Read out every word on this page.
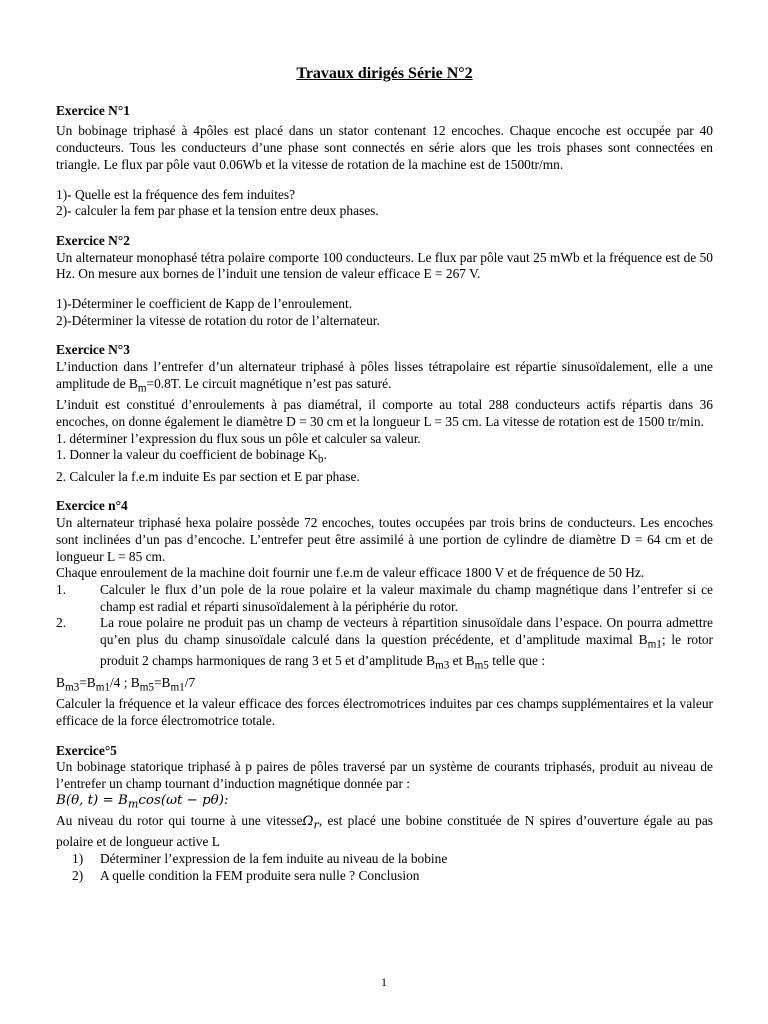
Travaux dirigés Série N°2

Exercice N°1

Un bobinage triphasé à 4pôles est placé dans un stator contenant 12 encoches. Chaque encoche est occupée par 40 conducteurs. Tous les conducteurs d’une phase sont connectés en série alors que les trois phases sont connectées en triangle. Le flux par pôle vaut 0.06Wb et la vitesse de rotation de la machine est de 1500tr/mn.

1)- Quelle est la fréquence des fem induites?

2)- calculer la fem par phase et la tension entre deux phases.

Exercice N°2

Un alternateur monophasé tétra polaire comporte 100 conducteurs. Le flux par pôle vaut 25 mWb et la fréquence est de 50 Hz. On mesure aux bornes de l’induit une tension de valeur efficace E = 267 V.

1)-Déterminer le coefficient de Kapp de l’enroulement.

2)-Déterminer la vitesse de rotation du rotor de l’alternateur.

Exercice N°3

L’induction dans l’entrefer d’un alternateur triphasé à pôles lisses tétrapolaire est répartie sinusoïdalement, elle a une amplitude de $B_m=0.8T$. Le circuit magnétique n’est pas saturé.

L’induit est constitué d’enroulements à pas diamétral, il comporte au total 288 conducteurs actifs répartis dans 36 encoches, on donne également le diamètre D = 30 cm et la longueur L = 35 cm. La vitesse de rotation est de 1500 tr/min.

1. déterminer l’expression du flux sous un pôle et calculer sa valeur.

1. Donner la valeur du coefficient de bobinage $K_b$.

2. Calculer la f.e.m induite Es par section et E par phase.

Exercice n°4

Un alternateur triphasé hexa polaire possède 72 encoches, toutes occupées par trois brins de conducteurs. Les encoches sont inclinées d’un pas d’encoche. L’entrefer peut être assimilé à une portion de cylindre de diamètre D = 64 cm et de longueur L = 85 cm.

Chaque enroulement de la machine doit fournir une f.e.m de valeur efficace 1800 V et de fréquence de 50 Hz.

1.	Calculer le flux d’un pole de la roue polaire et la valeur maximale du champ magnétique dans l’entrefer si ce champ est radial et réparti sinusoïdalement à la périphérie du rotor.

2.	La roue polaire ne produit pas un champ de vecteurs à répartition sinusoïdale dans l’espace. On pourra admettre qu’en plus du champ sinusoïdale calculé dans la question précédente, et d’amplitude maximal $B_{m1}$; le rotor produit 2 champs harmoniques de rang 3 et 5 et d’amplitude $B_{m3}$ et $B_{m5}$ telle que :

$B_{m3}=B_{m1}/4$ ; $B_{m5}=B_{m1}/7$

Calculer la fréquence et la valeur efficace des forces électromotrices induites par ces champs supplémentaires et la valeur efficace de la force électromotrice totale.

Exercice°5

Un bobinage statorique triphasé à p paires de pôles traversé par un système de courants triphasés, produit au niveau de l’entrefer un champ tournant d’induction magnétique donnée par :

B(θ, $t) = B_m\cos(\omega t - p\theta)$:

Au niveau du rotor qui tourne à une vitesseΩ$_r$, est placé une bobine constituée de N spires d’ouverture égale au pas polaire et de longueur active L

1)	Déterminer l’expression de la fem induite au niveau de la bobine
2)	A quelle condition la FEM produite sera nulle ? Conclusion
1
